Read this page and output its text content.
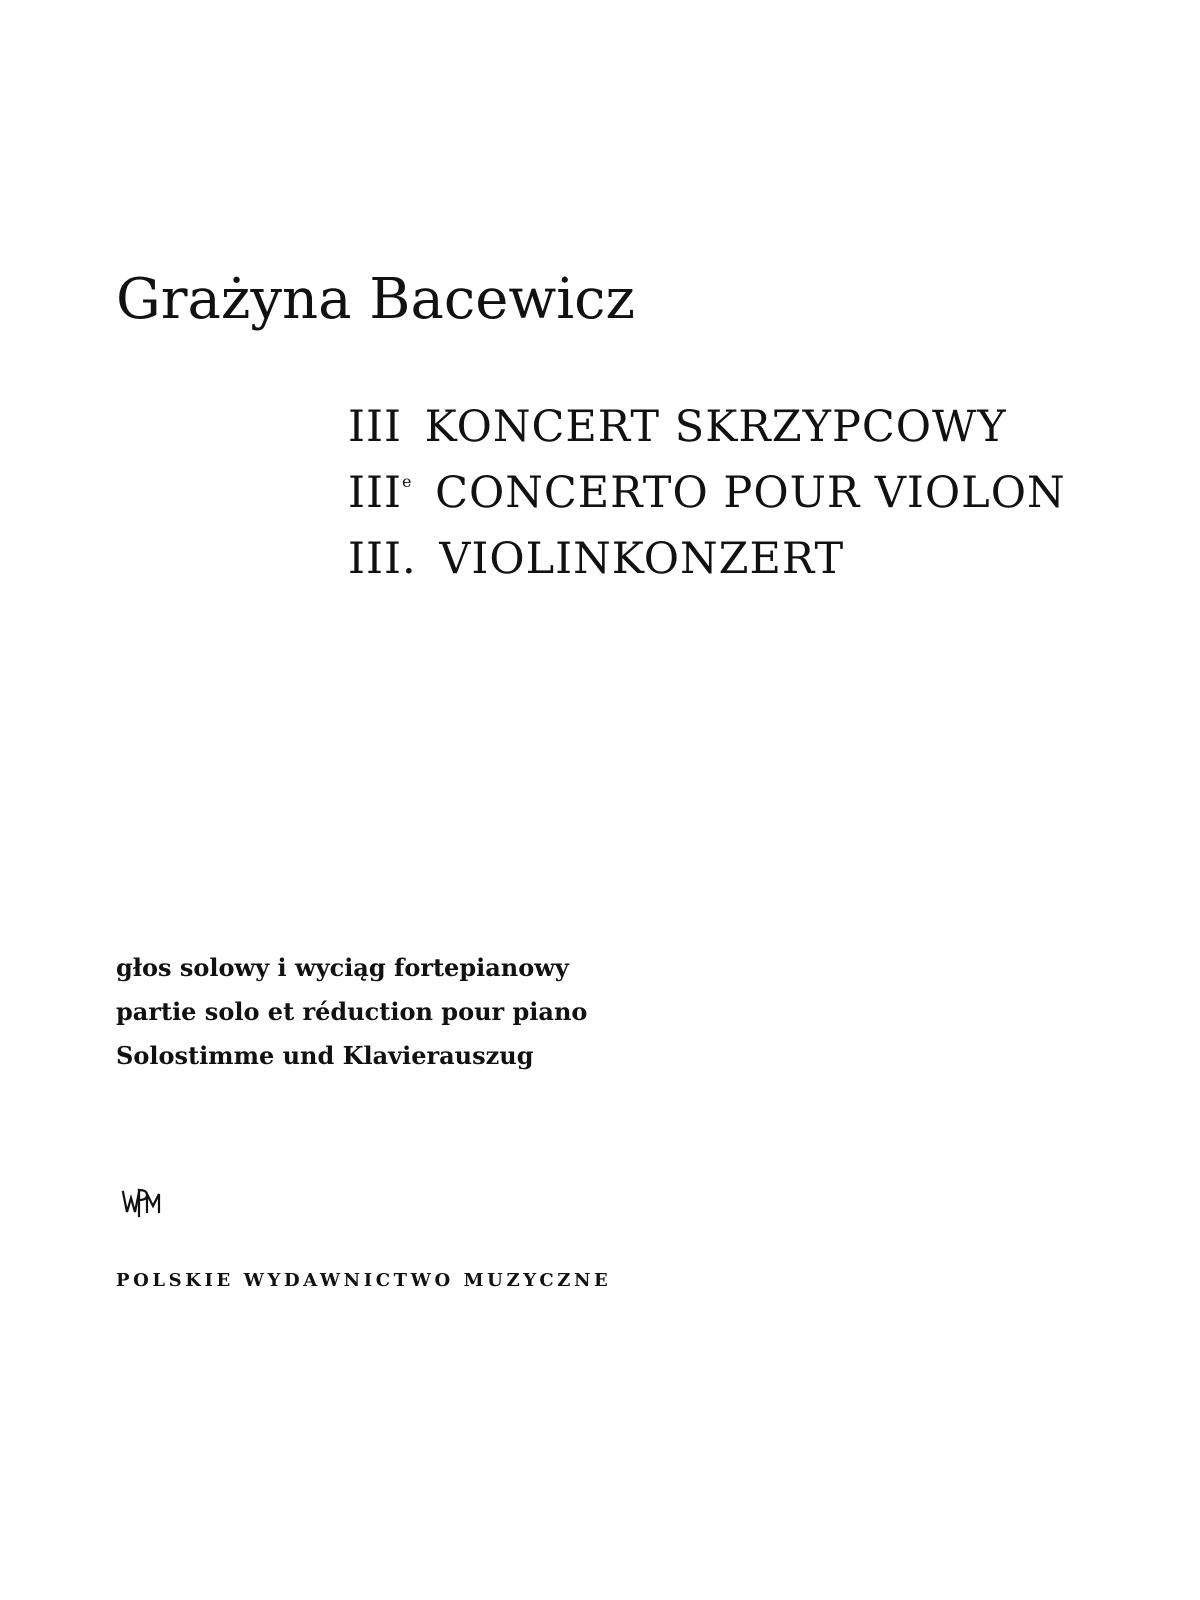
Grażyna Bacewicz
III KONCERT SKRZYPCOWY
IIIe CONCERTO POUR VIOLON
III. VIOLINKONZERT
głos solowy i wyciąg fortepianowy
partie solo et réduction pour piano
Solostimme und Klavierauszug
POLSKIE WYDAWNICTWO MUZYCZNE
